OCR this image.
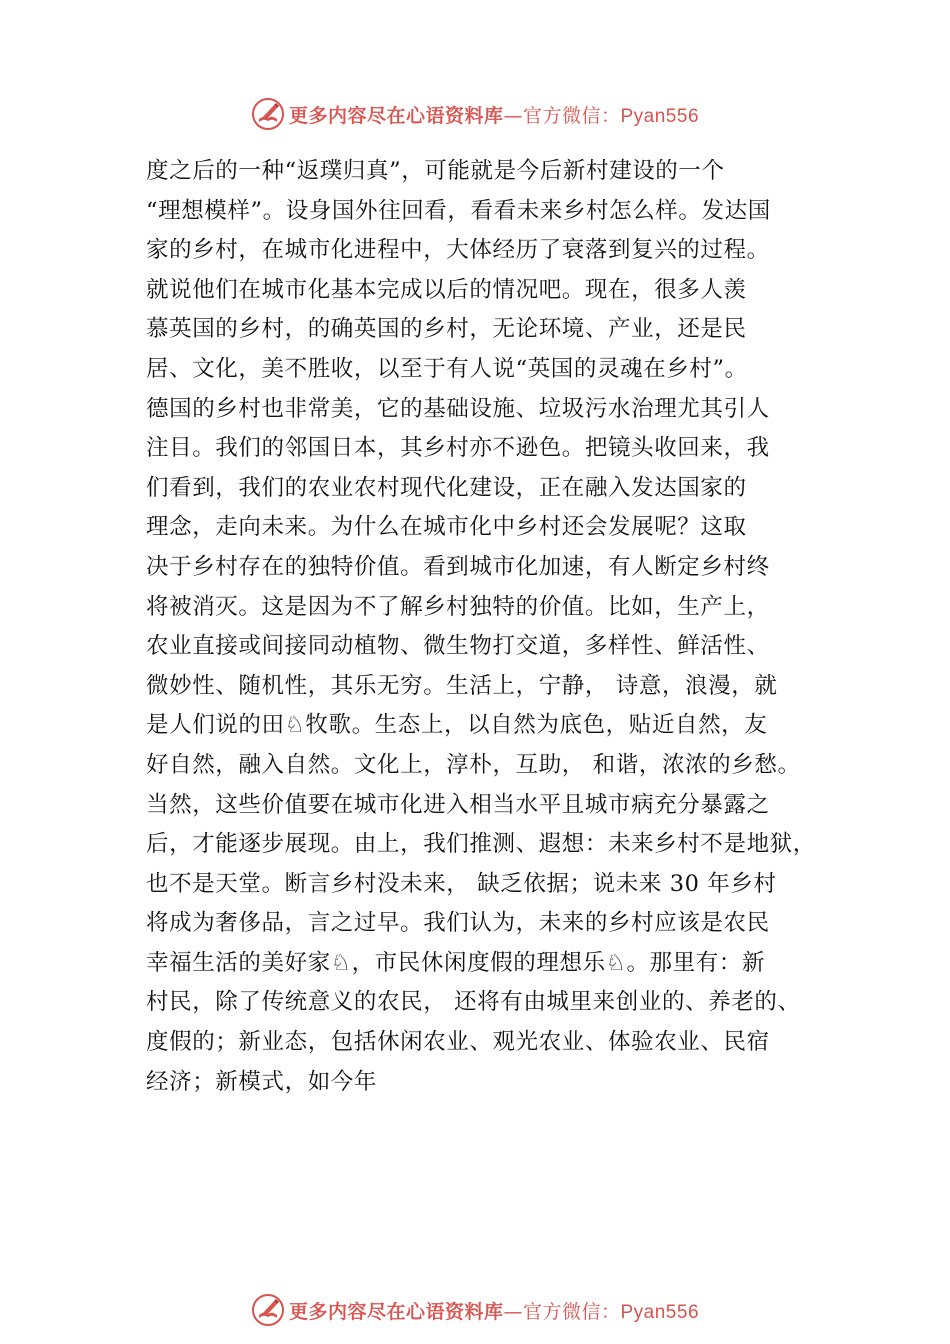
更多内容尽在心语资料库—官方微信：Pyan556
度之后的一种“返璞归真”，可能就是今后新村建设的一个
“理想模样”。设身国外往回看，看看未来乡村怎么样。发达国
家的乡村，在城市化进程中，大体经历了衰落到复兴的过程。
就说他们在城市化基本完成以后的情况吧。现在，很多人羡
慕英国的乡村，的确英国的乡村，无论环境、产业，还是民
居、文化，美不胜收，以至于有人说“英国的灵魂在乡村”。
德国的乡村也非常美，它的基础设施、垃圾污水治理尤其引人
注目。我们的邻国日本，其乡村亦不逊色。把镜头收回来，我
们看到，我们的农业农村现代化建设，正在融入发达国家的
理念，走向未来。为什么在城市化中乡村还会发展呢？这取
决于乡村存在的独特价值。看到城市化加速，有人断定乡村终
将被消灭。这是因为不了解乡村独特的价值。比如，生产上，
农业直接或间接同动植物、微生物打交道，多样性、鲜活性、
微妙性、随机性，其乐无穷。生活上，宁静， 诗意，浪漫，就
是人们说的田♘牧歌。生态上，以自然为底色，贴近自然，友
好自然，融入自然。文化上，淳朴，互助， 和谐，浓浓的乡愁。
当然，这些价值要在城市化进入相当水平且城市病充分暴露之
后，才能逐步展现。由上，我们推测、遐想：未来乡村不是地狱，
也不是天堂。断言乡村没未来， 缺乏依据；说未来 30 年乡村
将成为奢侈品，言之过早。我们认为，未来的乡村应该是农民
幸福生活的美好家♘，市民休闲度假的理想乐♘。那里有：新
村民，除了传统意义的农民， 还将有由城里来创业的、养老的、
度假的；新业态，包括休闲农业、观光农业、体验农业、民宿
经济；新模式，如今年
更多内容尽在心语资料库—官方微信：Pyan556
